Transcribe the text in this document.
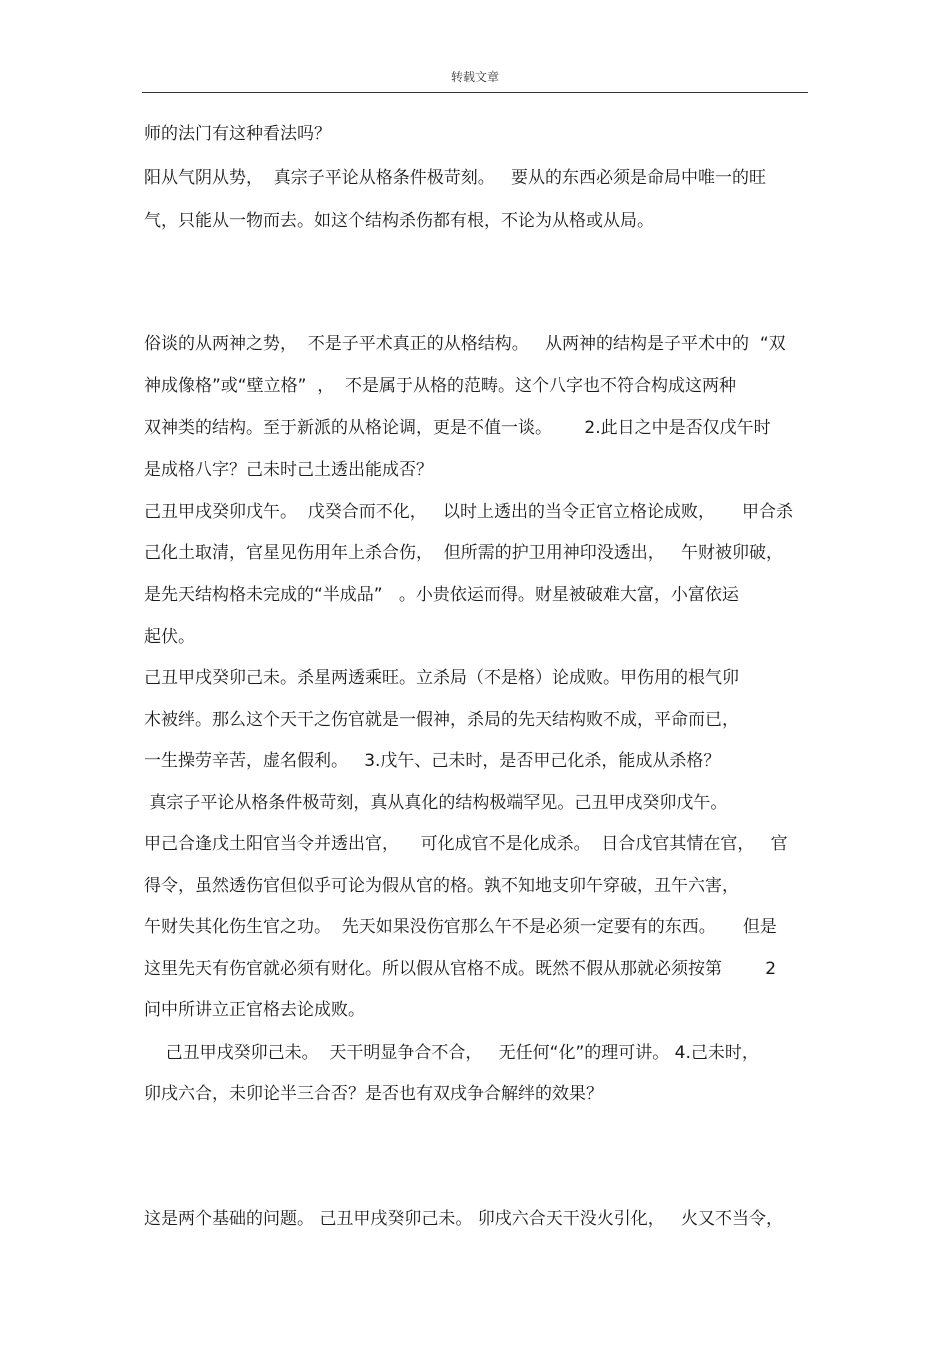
转载文章
师的法门有这种看法吗？
阳从气阴从势，  真宗子平论从格条件极苛刻。   要从的东西必须是命局中唯一的旺
气，只能从一物而去。如这个结构杀伤都有根，不论为从格或从局。
俗谈的从两神之势，  不是子平术真正的从格结构。   从两神的结构是子平术中的  “双
神成像格”或“壁立格”  ，  不是属于从格的范畴。这个八字也不符合构成这两种
双神类的结构。至于新派的从格论调，更是不值一谈。      2.此日之中是否仅戊午时
是成格八字？己未时己土透出能成否？
己丑甲戌癸卯戊午。  戊癸合而不化，   以时上透出的当令正官立格论成败，     甲合杀
己化土取清，官星见伤用年上杀合伤，  但所需的护卫用神印没透出，   午财被卯破，
是先天结构格未完成的“半成品”   。小贵依运而得。财星被破难大富，小富依运
起伏。
己丑甲戌癸卯己未。杀星两透乘旺。立杀局（不是格）论成败。甲伤用的根气卯
木被绊。那么这个天干之伤官就是一假神，杀局的先天结构败不成，平命而已，
一生操劳辛苦，虚名假利。   3.戊午、己未时，是否甲己化杀，能成从杀格？
真宗子平论从格条件极苛刻，真从真化的结构极端罕见。己丑甲戌癸卯戊午。
甲己合逢戊土阳官当令并透出官，    可化成官不是化成杀。  日合戊官其情在官，   官
得令，虽然透伤官但似乎可论为假从官的格。孰不知地支卯午穿破，丑午六害，
午财失其化伤生官之功。  先天如果没伤官那么午不是必须一定要有的东西。     但是
这里先天有伤官就必须有财化。所以假从官格不成。既然不假从那就必须按第        2
问中所讲立正官格去论成败。
己丑甲戌癸卯己未。  天干明显争合不合，   无任何“化”的理可讲。 4.己未时，
卯戌六合，未卯论半三合否？是否也有双戌争合解绊的效果？
这是两个基础的问题。 己丑甲戌癸卯己未。 卯戌六合天干没火引化，   火又不当令，
